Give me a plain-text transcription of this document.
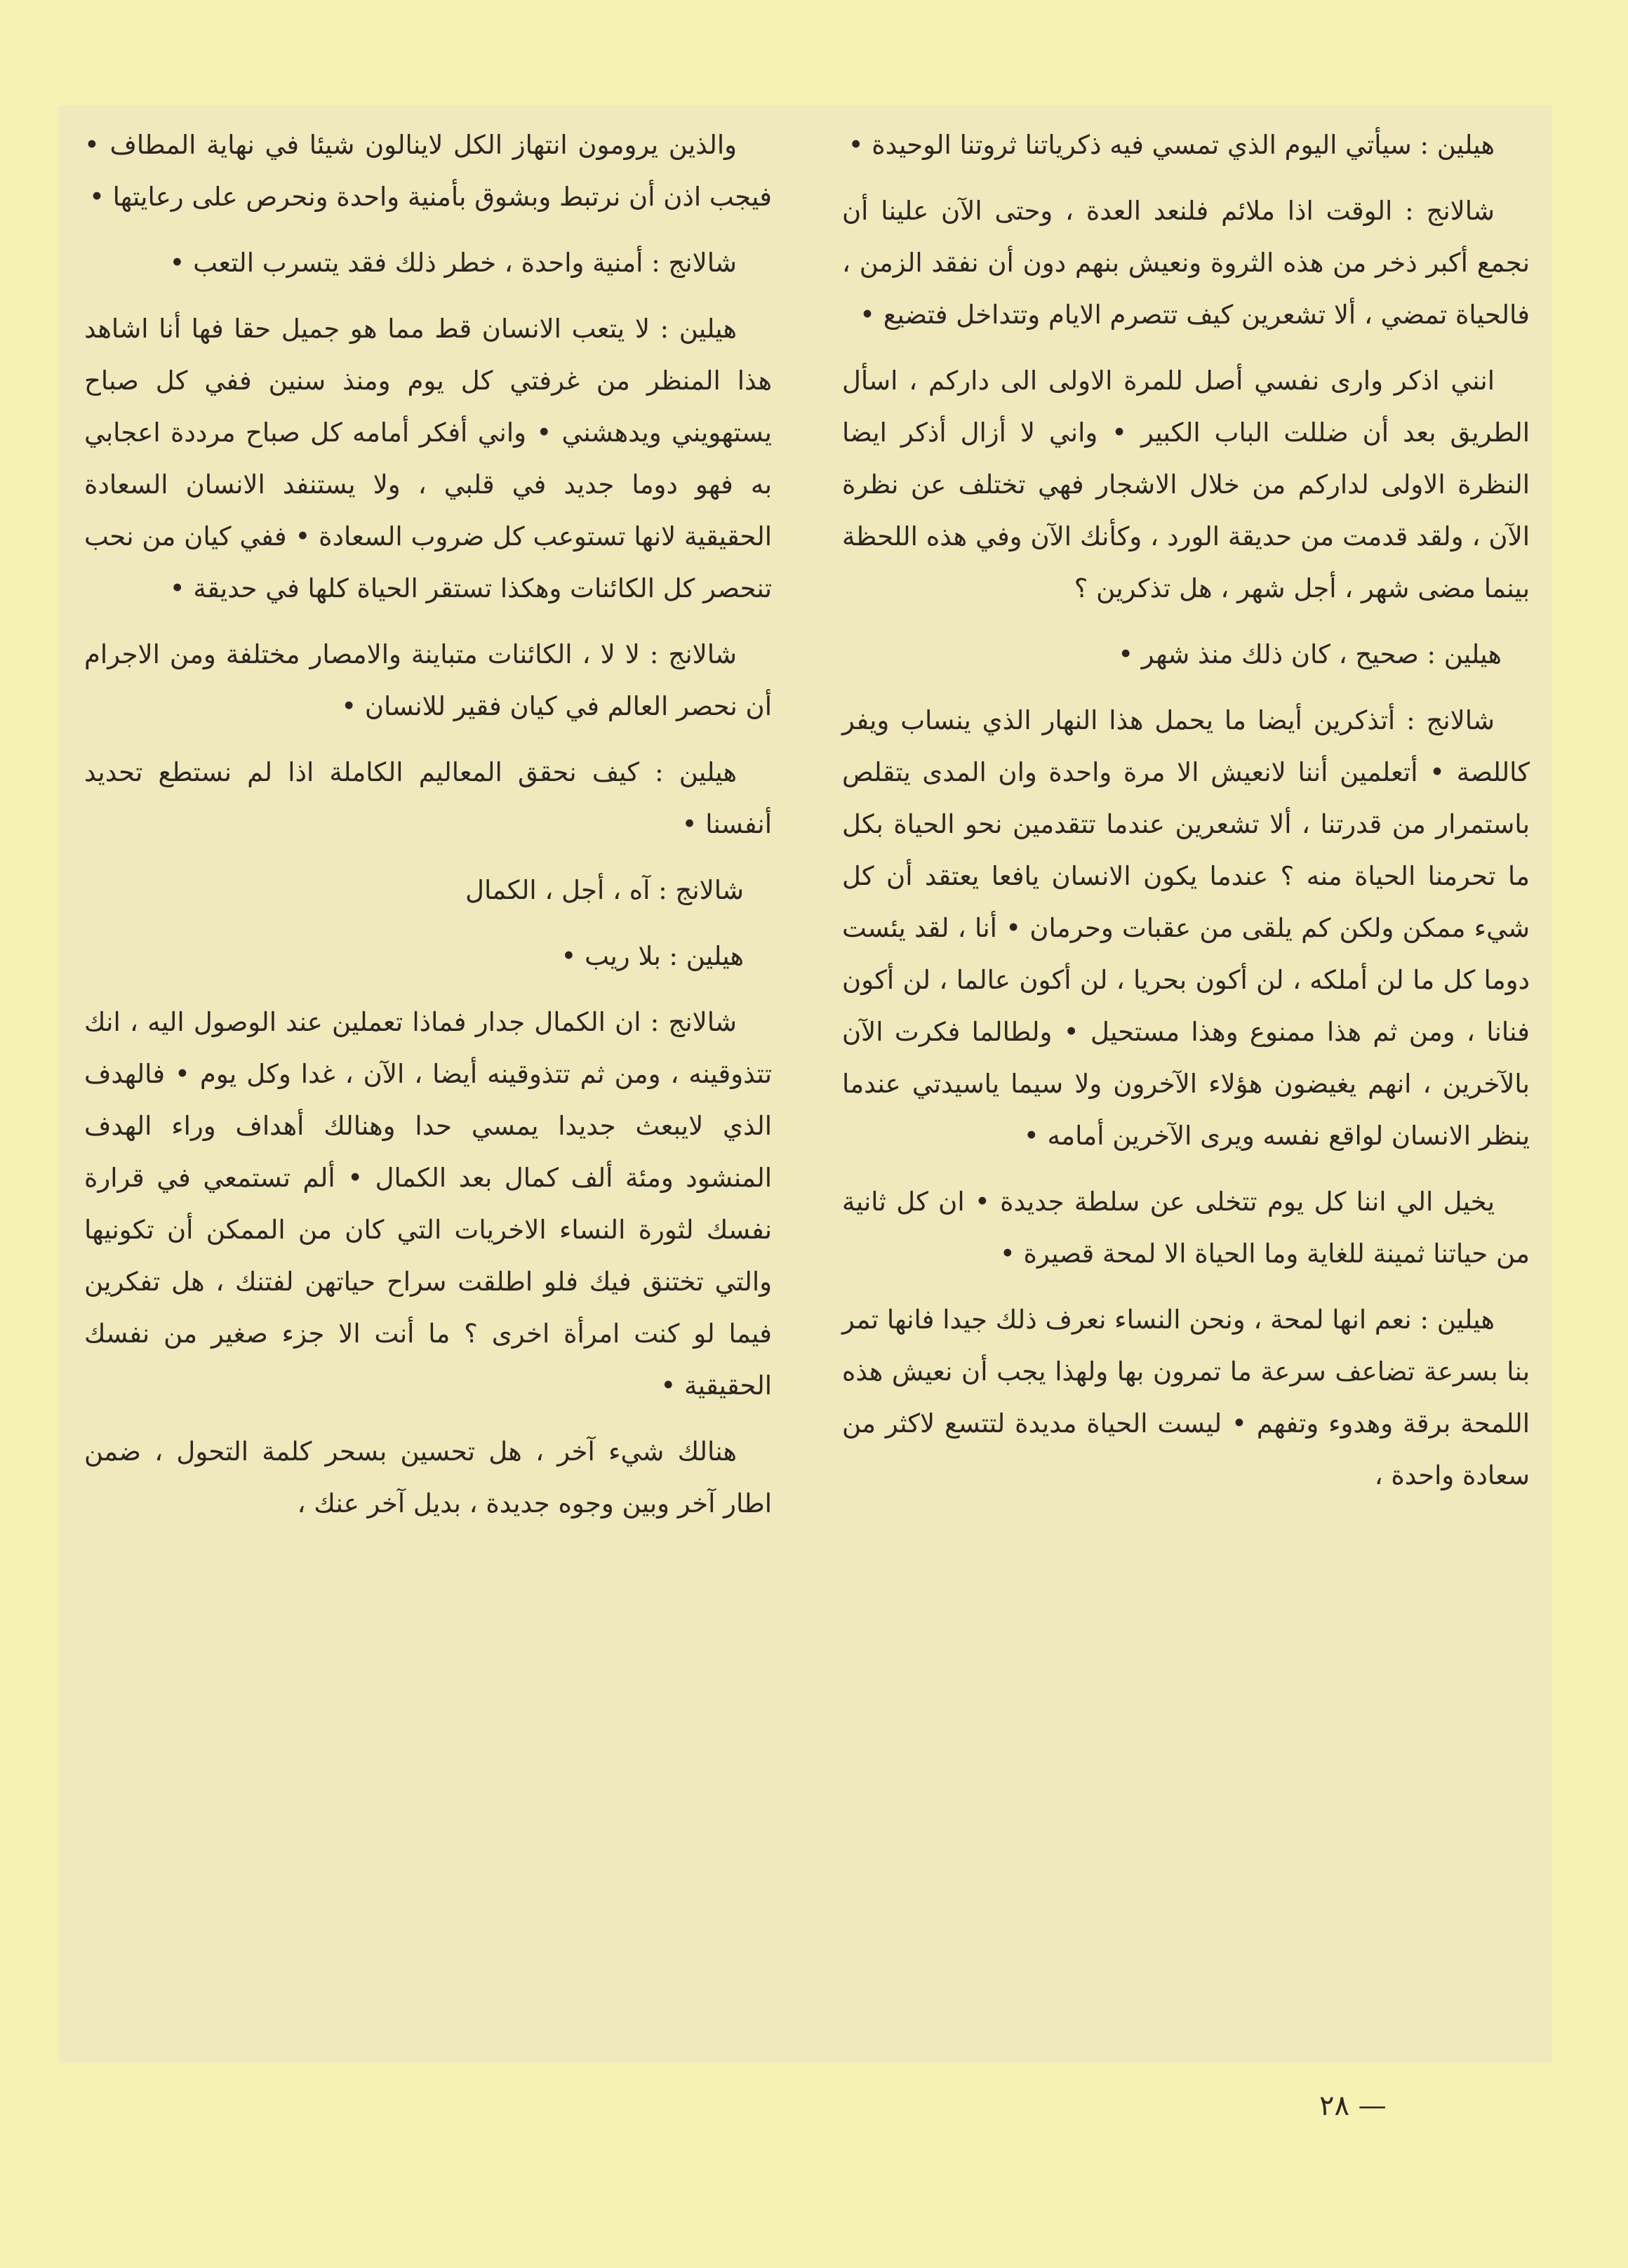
هيلين : سيأتي اليوم الذي تمسي فيه ذكرياتنا ثروتنا الوحيدة •

شالانج : الوقت اذا ملائم فلنعد العدة ، وحتى الآن علينا أن نجمع أكبر ذخر من هذه الثروة ونعيش بنهم دون أن نفقد الزمن ، فالحياة تمضي ، ألا تشعرين كيف تتصرم الايام وتتداخل فتضيع •

انني اذكر وارى نفسي أصل للمرة الاولى الى داركم ، اسأل الطريق بعد أن ضللت الباب الكبير • واني لا أزال أذكر ايضا النظرة الاولى لداركم من خلال الاشجار فهي تختلف عن نظرة الآن ، ولقد قدمت من حديقة الورد ، وكأنك الآن وفي هذه اللحظة بينما مضى شهر ، أجل شهر ، هل تذكرين ؟

هيلين : صحيح ، كان ذلك منذ شهر •

شالانج : أتذكرين أيضا ما يحمل هذا النهار الذي ينساب ويفر كاللصة • أتعلمين أننا لانعيش الا مرة واحدة وان المدى يتقلص باستمرار من قدرتنا ، ألا تشعرين عندما تتقدمين نحو الحياة بكل ما تحرمنا الحياة منه ؟ عندما يكون الانسان يافعا يعتقد أن كل شيء ممكن ولكن كم يلقى من عقبات وحرمان • أنا ، لقد يئست دوما كل ما لن أملكه ، لن أكون بحريا ، لن أكون عالما ، لن أكون فنانا ، ومن ثم هذا ممنوع وهذا مستحيل • ولطالما فكرت الآن بالآخرين ، انهم يغيضون هؤلاء الآخرون ولا سيما ياسيدتي عندما ينظر الانسان لواقع نفسه ويرى الآخرين أمامه •

يخيل الي اننا كل يوم تتخلى عن سلطة جديدة • ان كل ثانية من حياتنا ثمينة للغاية وما الحياة الا لمحة قصيرة •

هيلين : نعم انها لمحة ، ونحن النساء نعرف ذلك جيدا فانها تمر بنا بسرعة تضاعف سرعة ما تمرون بها ولهذا يجب أن نعيش هذه اللمحة برقة وهدوء وتفهم • ليست الحياة مديدة لتتسع لاكثر من سعادة واحدة ،

والذين يرومون انتهاز الكل لاينالون شيئا في نهاية المطاف • فيجب اذن أن نرتبط وبشوق بأمنية واحدة ونحرص على رعايتها •

شالانج : أمنية واحدة ، خطر ذلك فقد يتسرب التعب •

هيلين : لا يتعب الانسان قط مما هو جميل حقا فها أنا اشاهد هذا المنظر من غرفتي كل يوم ومنذ سنين ففي كل صباح يستهويني ويدهشني • واني أفكر أمامه كل صباح مرددة اعجابي به فهو دوما جديد في قلبي ، ولا يستنفد الانسان السعادة الحقيقية لانها تستوعب كل ضروب السعادة • ففي كيان من نحب تنحصر كل الكائنات وهكذا تستقر الحياة كلها في حديقة •

شالانج : لا لا ، الكائنات متباينة والامصار مختلفة ومن الاجرام أن نحصر العالم في كيان فقير للانسان •

هيلين : كيف نحقق المعاليم الكاملة اذا لم نستطع تحديد أنفسنا •

شالانج : آه ، أجل ، الكمال

هيلين : بلا ريب •

شالانج : ان الكمال جدار فماذا تعملين عند الوصول اليه ، انك تتذوقينه ، ومن ثم تتذوقينه أيضا ، الآن ، غدا وكل يوم • فالهدف الذي لايبعث جديدا يمسي حدا وهنالك أهداف وراء الهدف المنشود ومئة ألف كمال بعد الكمال • ألم تستمعي في قرارة نفسك لثورة النساء الاخريات التي كان من الممكن أن تكونيها والتي تختنق فيك فلو اطلقت سراح حياتهن لفتنك ، هل تفكرين فيما لو كنت امرأة اخرى ؟ ما أنت الا جزء صغير من نفسك الحقيقية •

هنالك شيء آخر ، هل تحسين بسحر كلمة التحول ، ضمن اطار آخر وبين وجوه جديدة ، بديل آخر عنك ،

— ٢٨
